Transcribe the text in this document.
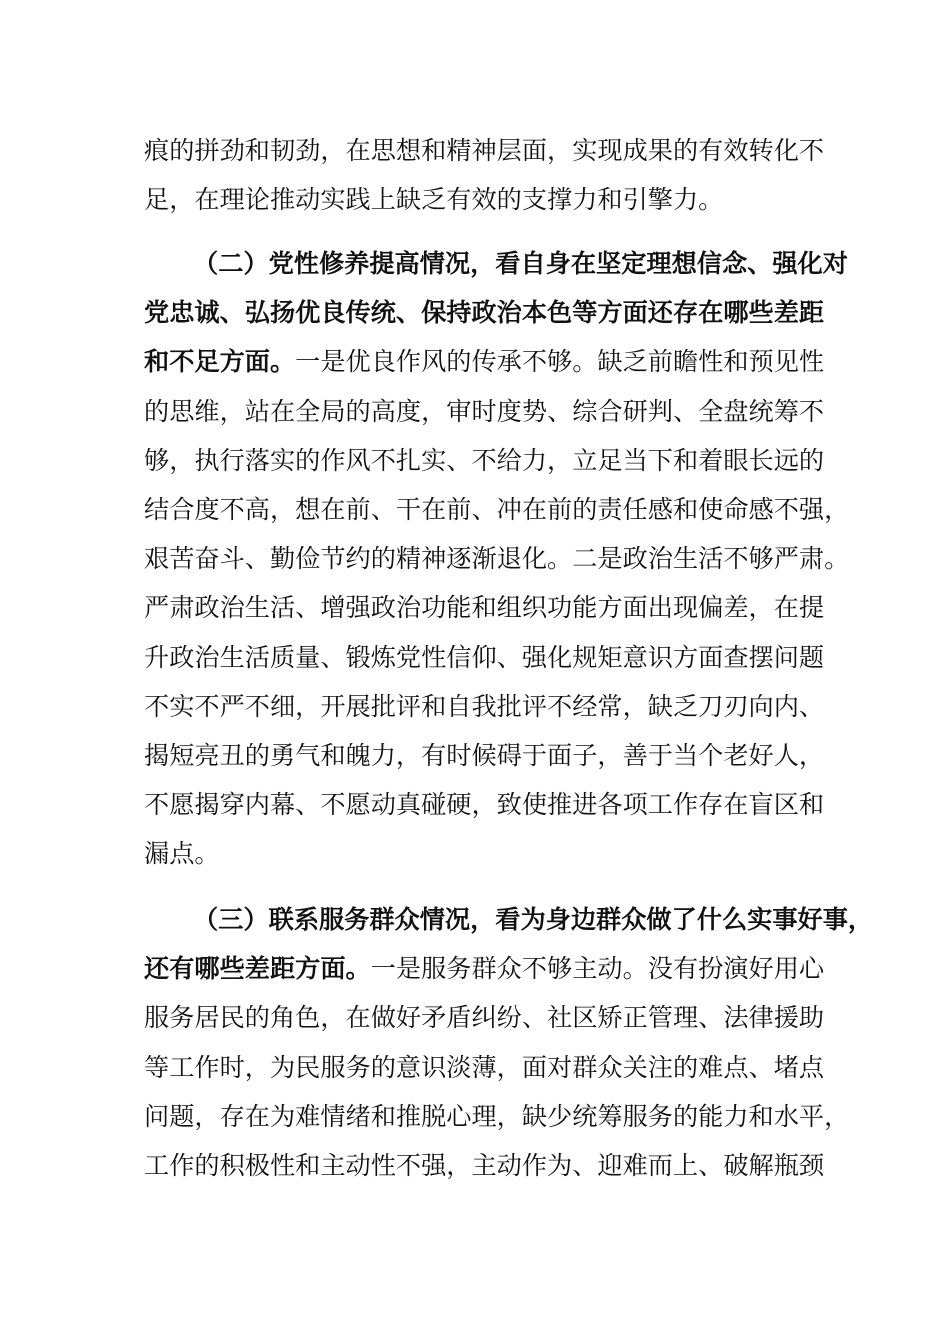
痕的拼劲和韧劲，在思想和精神层面，实现成果的有效转化不
足，在理论推动实践上缺乏有效的支撑力和引擎力。
（二）党性修养提高情况，看自身在坚定理想信念、强化对
党忠诚、弘扬优良传统、保持政治本色等方面还存在哪些差距
和不足方面。一是优良作风的传承不够。缺乏前瞻性和预见性
的思维，站在全局的高度，审时度势、综合研判、全盘统筹不
够，执行落实的作风不扎实、不给力，立足当下和着眼长远的
结合度不高，想在前、干在前、冲在前的责任感和使命感不强，
艰苦奋斗、勤俭节约的精神逐渐退化。二是政治生活不够严肃。
严肃政治生活、增强政治功能和组织功能方面出现偏差，在提
升政治生活质量、锻炼党性信仰、强化规矩意识方面查摆问题
不实不严不细，开展批评和自我批评不经常，缺乏刀刃向内、
揭短亮丑的勇气和魄力，有时候碍于面子，善于当个老好人，
不愿揭穿内幕、不愿动真碰硬，致使推进各项工作存在盲区和
漏点。
（三）联系服务群众情况，看为身边群众做了什么实事好事，
还有哪些差距方面。一是服务群众不够主动。没有扮演好用心
服务居民的角色，在做好矛盾纠纷、社区矫正管理、法律援助
等工作时，为民服务的意识淡薄，面对群众关注的难点、堵点
问题，存在为难情绪和推脱心理，缺少统筹服务的能力和水平，
工作的积极性和主动性不强，主动作为、迎难而上、破解瓶颈
